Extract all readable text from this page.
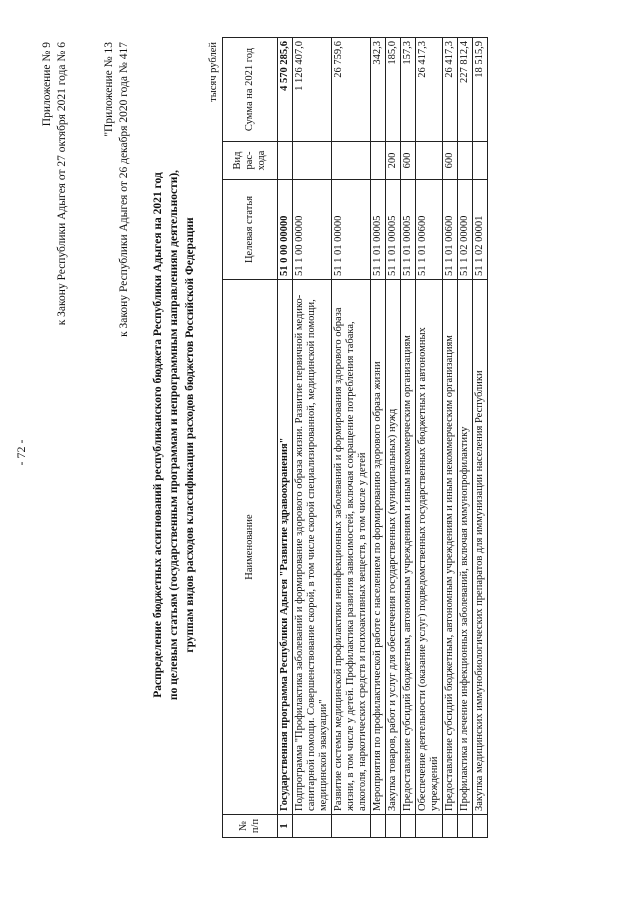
- 72 -
Приложение № 9 к Закону Республики Адыгея от 27 октября 2021 года № 6	"Приложение № 13 к Закону Республики Адыгея от 26 декабря 2020 года № 417 Распределение бюджетных ассигнований республиканского бюджета Республики Адыгея на 2021 год по целевым статьям (государственным программам и непрограммным направлениям деятельности), группам видов расходов классификации расходов бюджетов Российской Федерации
тысяч рублей
№ п/п	Наименование	Целевая статья	Вид рас- хода	Сумма на 2021 год
1	Государственная программа Республики Адыгея "Развитие здравоохранения"	51 0 00 00000		4 570 285,6
	Подпрограмма "Профилактика заболеваний и формирование здорового образа жизни. Развитие первичной медико-санитарной помощи. Совершенствование скорой, в том числе скорой специализированной, медицинской помощи, медицинской эвакуации"	51 1 00 00000		1 126 407,0
	Развитие системы медицинской профилактики неинфекционных заболеваний и формирования здорового образа жизни, в том числе у детей. Профилактика развития зависимостей, включая сокращение потребления табака, алкоголя, наркотических средств и психоактивных веществ, в том числе у детей	51 1 01 00000		26 759,6
	Мероприятия по профилактической работе с населением по формированию здорового образа жизни	51 1 01 00005		342,3
	Закупка товаров, работ и услуг для обеспечения государственных (муниципальных) нужд	51 1 01 00005	200	185,0
	Предоставление субсидий бюджетным, автономным учреждениям и иным некоммерческим организациям	51 1 01 00005	600	157,3
	Обеспечение деятельности (оказание услуг) подведомственных государственных бюджетных и автономных учреждений	51 1 01 00600		26 417,3
	Предоставление субсидий бюджетным, автономным учреждениям и иным некоммерческим организациям	51 1 01 00600	600	26 417,3
	Профилактика и лечение инфекционных заболеваний, включая иммунопрофилактику	51 1 02 00000		227 812,4
	Закупка медицинских иммунобиологических препаратов для иммунизации населения Республики	51 1 02 00001		18 515,9
